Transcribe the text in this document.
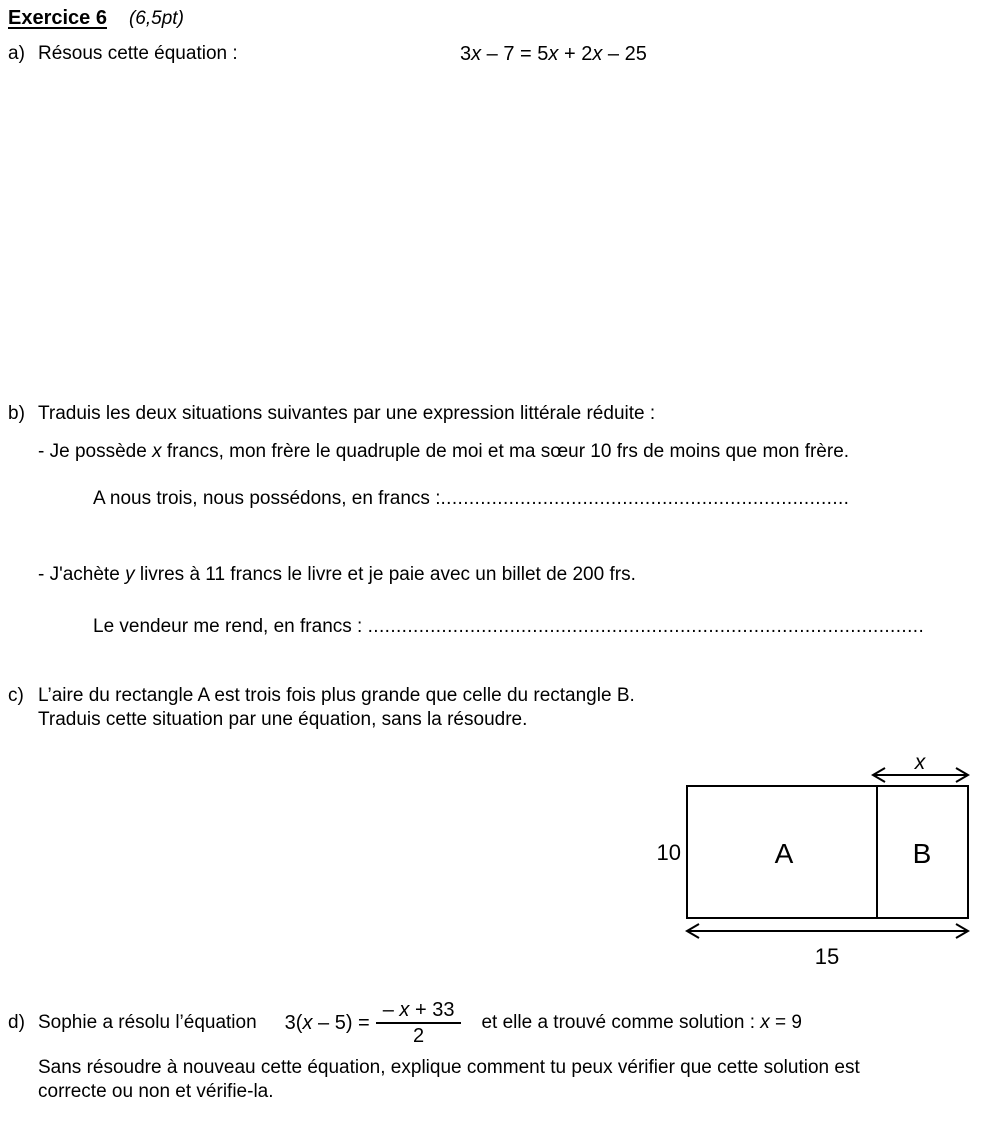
Exercice 6 (6,5pt)
a) Résous cette équation :	3x – 7 = 5x + 2x – 25
b) Traduis les deux situations suivantes par une expression littérale réduite :
- Je possède x francs, mon frère le quadruple de moi et ma sœur 10 frs de moins que mon frère.
A nous trois, nous possédons, en francs :........................................................................
- J'achète y livres à 11 francs le livre et je paie avec un billet de 200 frs.
Le vendeur me rend, en francs : ..................................................................................................
c) L’aire du rectangle A est trois fois plus grande que celle du rectangle B.
Traduis cette situation par une équation, sans la résoudre.
x
10	A	B
15
d) Sophie a résolu l’équation $3(x - 5) = \frac{- x + 33}{2}$ et elle a trouvé comme solution : x = 9
Sans résoudre à nouveau cette équation, explique comment tu peux vérifier que cette solution est
correcte ou non et vérifie-la.
